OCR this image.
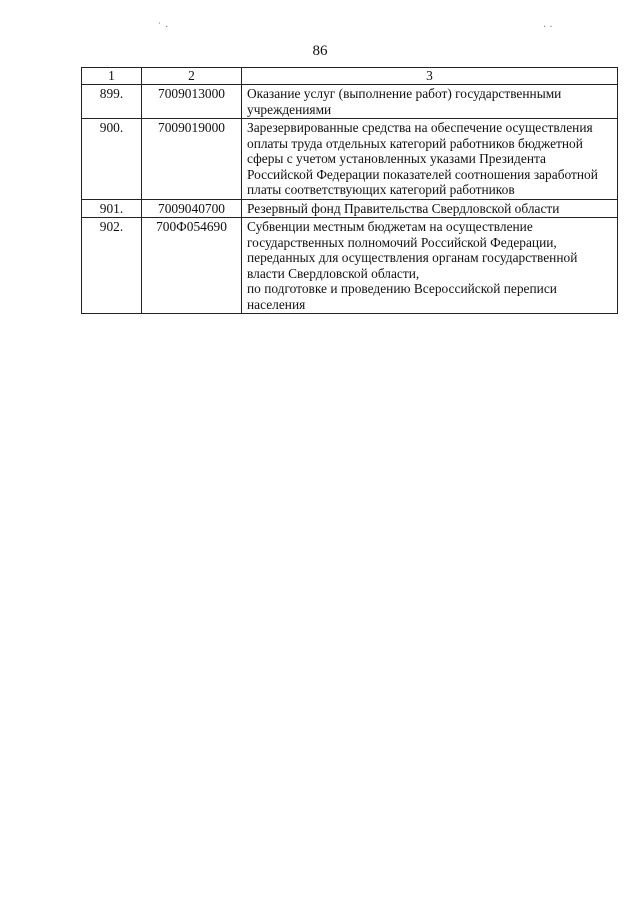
˙ ·	· ·
86
1	2	3
899.	7009013000	Оказание услуг (выполнение работ) государственными учреждениями
900.	7009019000	Зарезервированные средства на обеспечение осуществления оплаты труда отдельных категорий работников бюджетной сферы с учетом установленных указами Президента Российской Федерации показателей соотношения заработной платы соответствующих категорий работников
901.	7009040700	Резервный фонд Правительства Свердловской области
902.	700Ф054690	Субвенции местным бюджетам на осуществление государственных полномочий Российской Федерации, переданных для осуществления органам государственной власти Свердловской области,
по подготовке и проведению Всероссийской переписи населения
